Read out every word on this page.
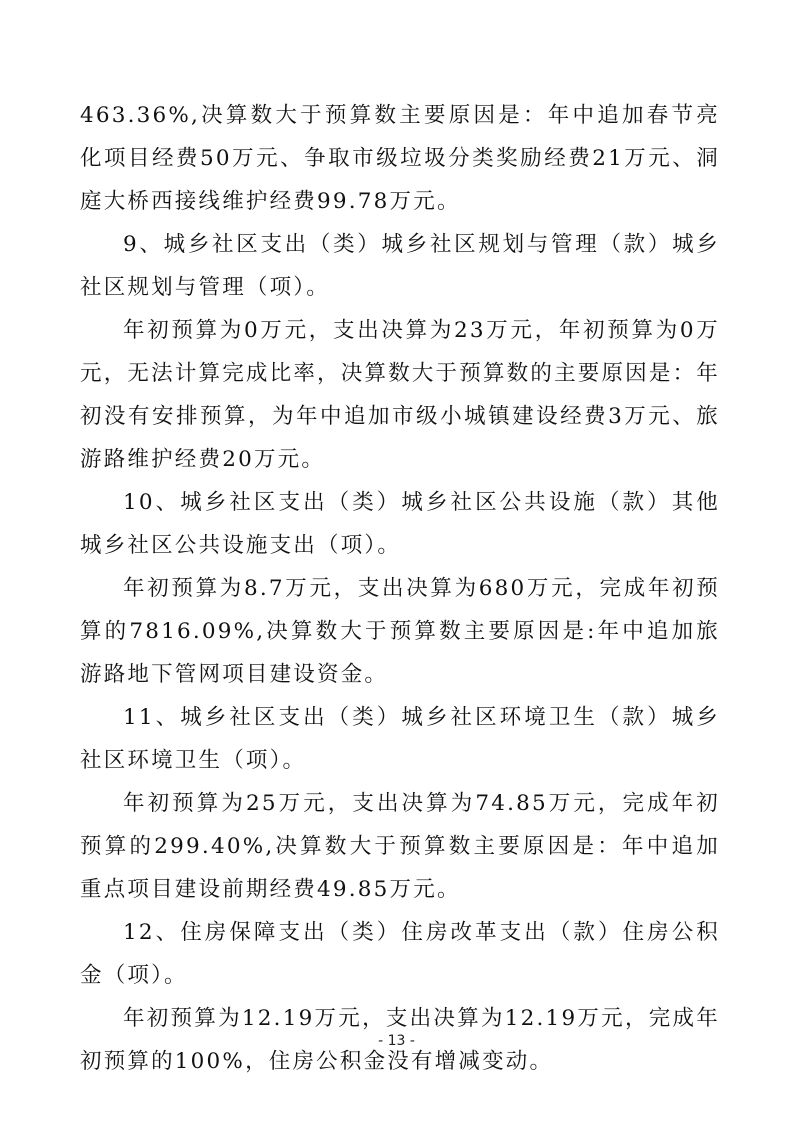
463.36%,决算数大于预算数主要原因是：年中追加春节亮化项目经费50万元、争取市级垃圾分类奖励经费21万元、洞庭大桥西接线维护经费99.78万元。

9、城乡社区支出（类）城乡社区规划与管理（款）城乡社区规划与管理（项）。

年初预算为0万元，支出决算为23万元，年初预算为0万元，无法计算完成比率，决算数大于预算数的主要原因是：年初没有安排预算，为年中追加市级小城镇建设经费3万元、旅游路维护经费20万元。

10、城乡社区支出（类）城乡社区公共设施（款）其他城乡社区公共设施支出（项）。

年初预算为8.7万元，支出决算为680万元，完成年初预算的7816.09%,决算数大于预算数主要原因是:年中追加旅游路地下管网项目建设资金。

11、城乡社区支出（类）城乡社区环境卫生（款）城乡社区环境卫生（项）。

年初预算为25万元，支出决算为74.85万元，完成年初预算的299.40%,决算数大于预算数主要原因是：年中追加重点项目建设前期经费49.85万元。

12、住房保障支出（类）住房改革支出（款）住房公积金（项）。

年初预算为12.19万元，支出决算为12.19万元，完成年初预算的100%，住房公积金没有增减变动。

- 13 -
